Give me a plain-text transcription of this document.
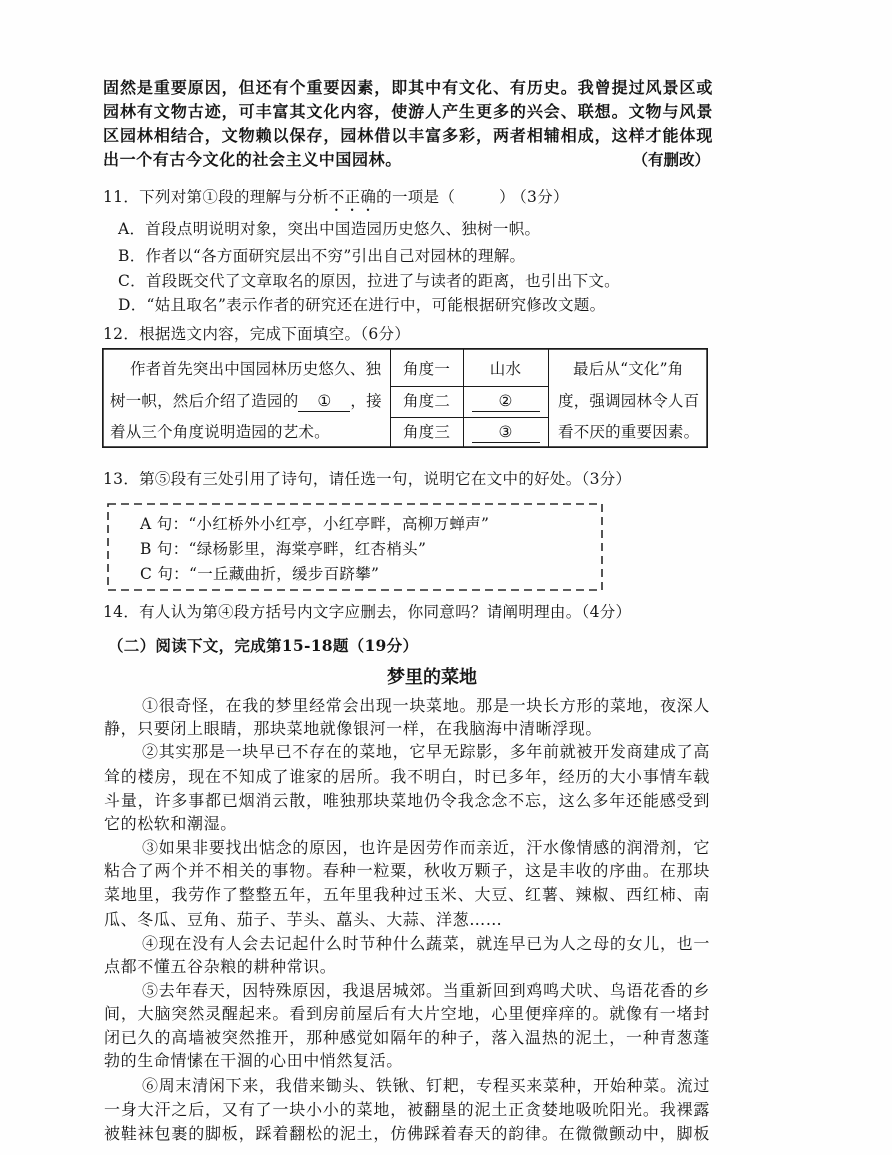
固然是重要原因，但还有个重要因素，即其中有文化、有历史。我曾提过风景区或
园林有文物古迹，可丰富其文化内容，使游人产生更多的兴会、联想。文物与风景
区园林相结合，文物赖以保存，园林借以丰富多彩，两者相辅相成，这样才能体现
出一个有古今文化的社会主义中国园林。	（有删改）
11．下列对第①段的理解与分析不正确的一项是（	） （3分）
A．首段点明说明对象，突出中国造园历史悠久、独树一帜。
B．作者以“各方面研究层出不穷”引出自己对园林的理解。
C．首段既交代了文章取名的原因，拉进了与读者的距离，也引出下文。
D．“姑且取名”表示作者的研究还在进行中，可能根据研究修改文题。
12．根据选文内容，完成下面填空。（6分）
作者首先突出中国园林历史悠久、独
树一帜，然后介绍了造园的 ① ，接
着从三个角度说明造园的艺术。
角度一	山水
角度二	②
角度三	③
最后从“文化”角
度，强调园林令人百
看不厌的重要因素。
13．第⑤段有三处引用了诗句，请任选一句，说明它在文中的好处。（3分）
A 句：“小红桥外小红亭，小红亭畔，高柳万蝉声”
B 句：“绿杨影里，海棠亭畔，红杏梢头”
C 句：“一丘藏曲折，缓步百跻攀”
14．有人认为第④段方括号内文字应删去，你同意吗？请阐明理由。（4分）
（二）阅读下文，完成第15-18题（19分）
梦里的菜地
①很奇怪，在我的梦里经常会出现一块菜地。那是一块长方形的菜地，夜深人
静，只要闭上眼睛，那块菜地就像银河一样，在我脑海中清晰浮现。
②其实那是一块早已不存在的菜地，它早无踪影，多年前就被开发商建成了高
耸的楼房，现在不知成了谁家的居所。我不明白，时已多年，经历的大小事情车载
斗量，许多事都已烟消云散，唯独那块菜地仍令我念念不忘，这么多年还能感受到
它的松软和潮湿。
③如果非要找出惦念的原因，也许是因劳作而亲近，汗水像情感的润滑剂，它
粘合了两个并不相关的事物。春种一粒粟，秋收万颗子，这是丰收的序曲。在那块
菜地里，我劳作了整整五年，五年里我种过玉米、大豆、红薯、辣椒、西红柿、南
瓜、冬瓜、豆角、茄子、芋头、藠头、大蒜、洋葱……
④现在没有人会去记起什么时节种什么蔬菜，就连早已为人之母的女儿，也一
点都不懂五谷杂粮的耕种常识。
⑤去年春天，因特殊原因，我退居城郊。当重新回到鸡鸣犬吠、鸟语花香的乡
间，大脑突然灵醒起来。看到房前屋后有大片空地，心里便痒痒的。就像有一堵封
闭已久的高墙被突然推开，那种感觉如隔年的种子，落入温热的泥土，一种青葱蓬
勃的生命情愫在干涸的心田中悄然复活。
⑥周末清闲下来，我借来锄头、铁锹、钉耙，专程买来菜种，开始种菜。流过
一身大汗之后，又有了一块小小的菜地，被翻垦的泥土正贪婪地吸吮阳光。我裸露
被鞋袜包裹的脚板，踩着翻松的泥土，仿佛踩着春天的韵律。在微微颤动中，脚板
